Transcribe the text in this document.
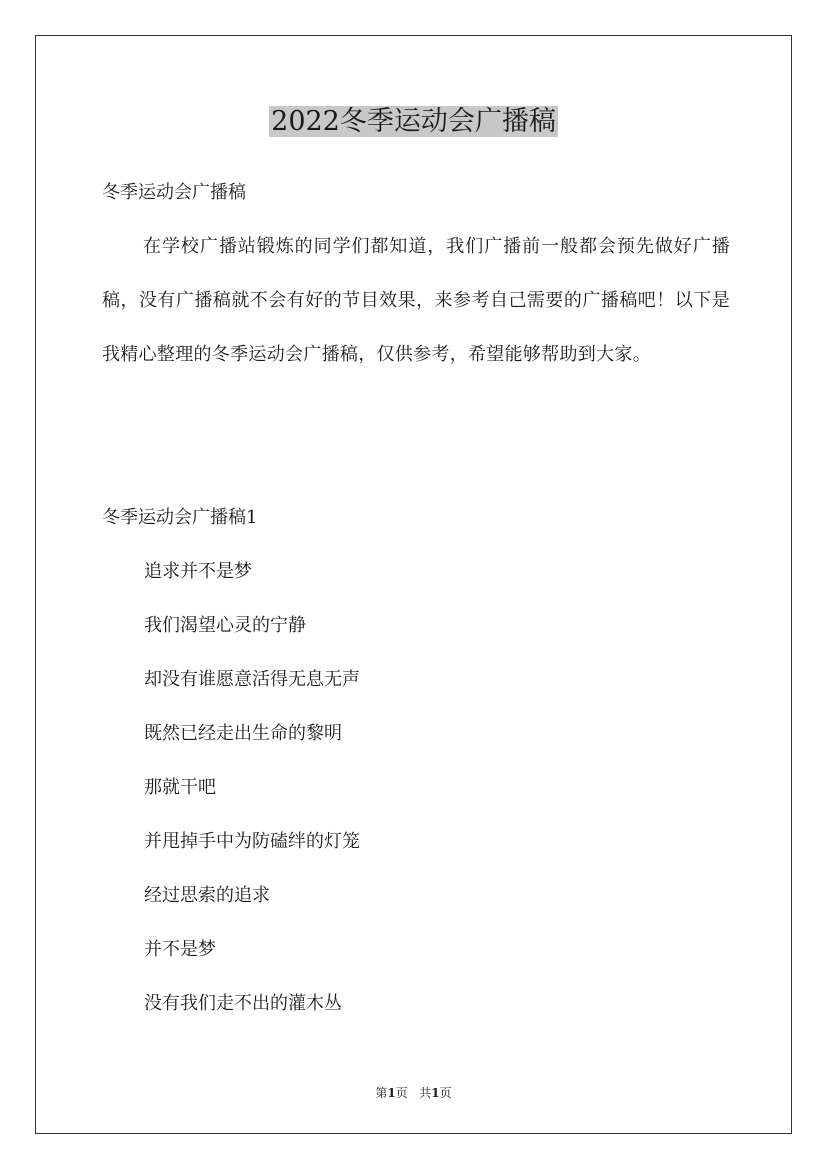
2022冬季运动会广播稿
冬季运动会广播稿
在学校广播站锻炼的同学们都知道，我们广播前一般都会预先做好广播稿，没有广播稿就不会有好的节目效果，来参考自己需要的广播稿吧！以下是我精心整理的冬季运动会广播稿，仅供参考，希望能够帮助到大家。
冬季运动会广播稿1
追求并不是梦
我们渴望心灵的宁静
却没有谁愿意活得无息无声
既然已经走出生命的黎明
那就干吧
并甩掉手中为防磕绊的灯笼
经过思索的追求
并不是梦
没有我们走不出的灌木丛
第1页 共1页
